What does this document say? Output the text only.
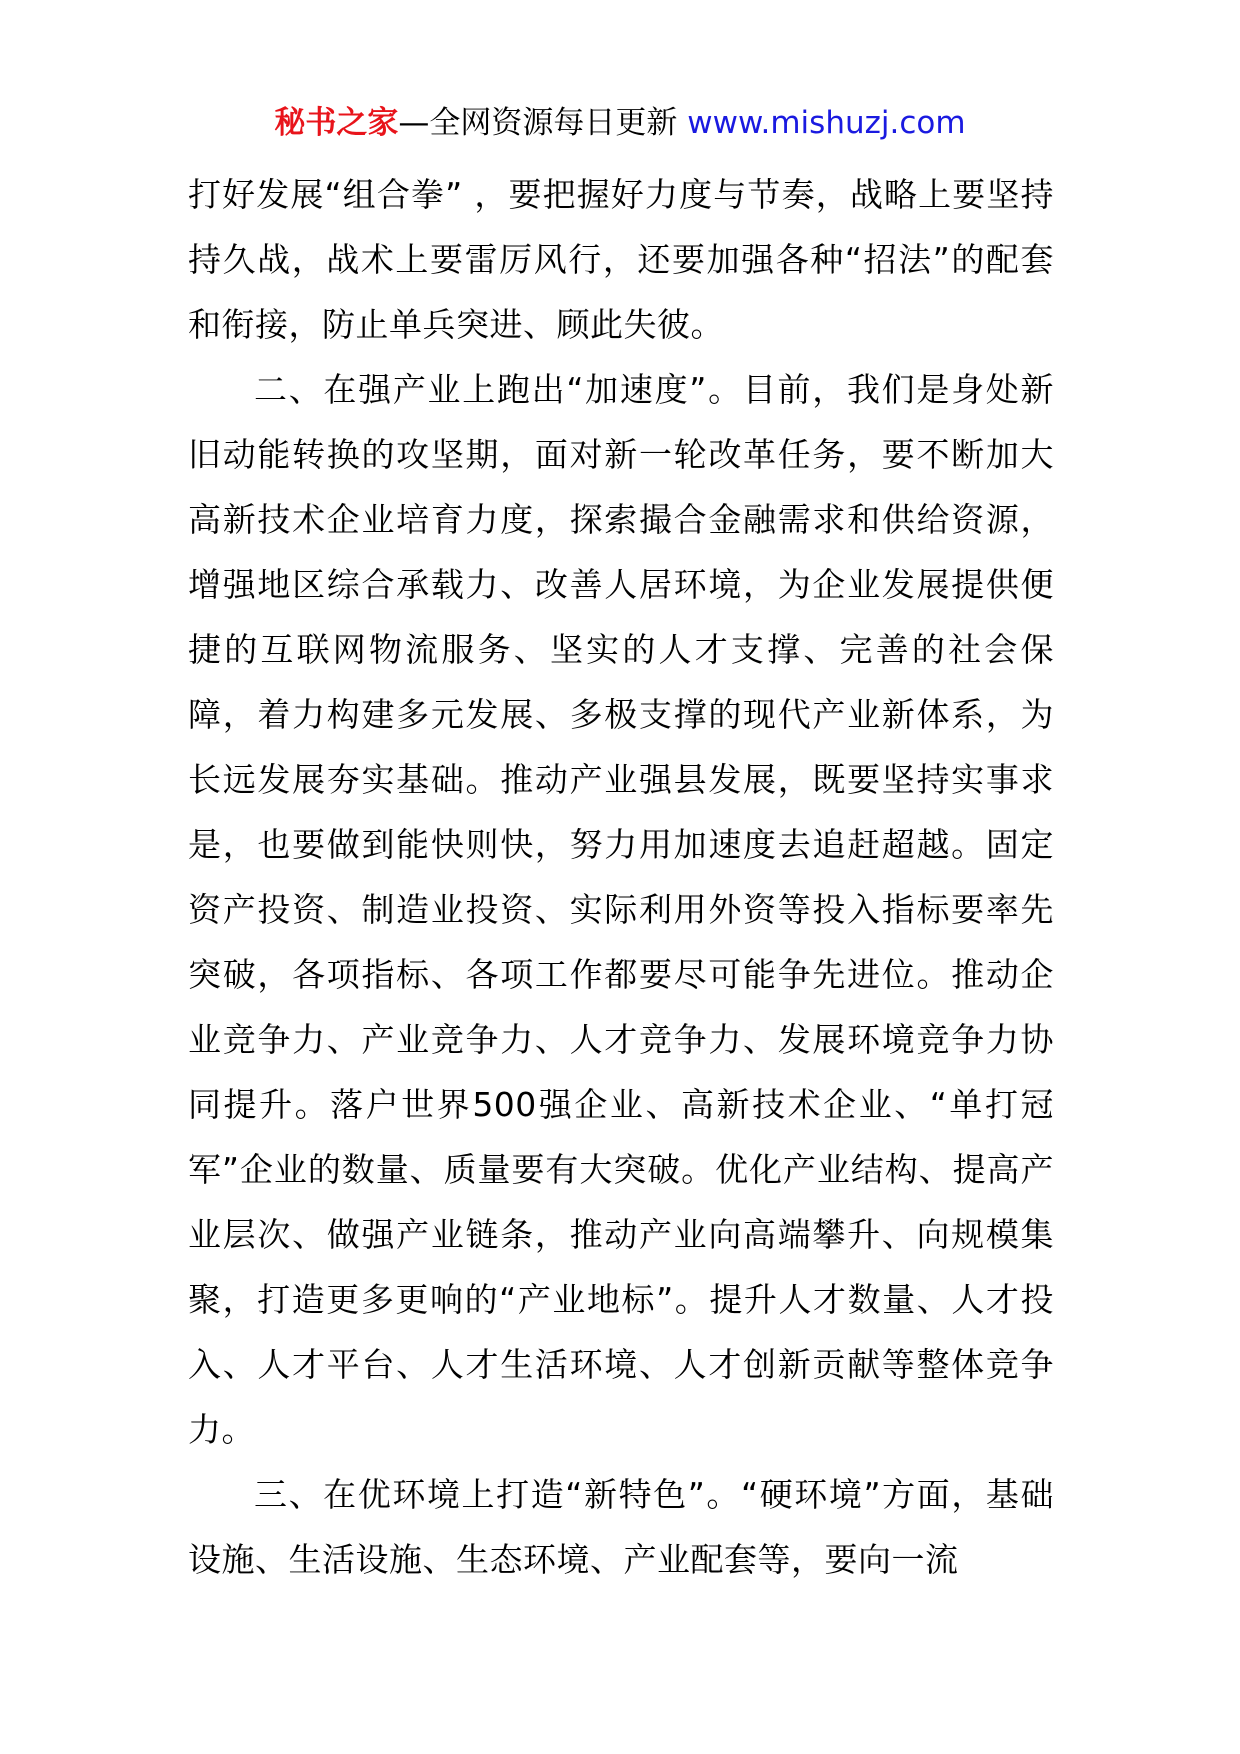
秘书之家—全网资源每日更新 www.mishuzj.com

打好发展“组合拳” ，要把握好力度与节奏，战略上要坚持持久战，战术上要雷厉风行，还要加强各种“招法”的配套和衔接，防止单兵突进、顾此失彼。

二、在强产业上跑出“加速度”。目前，我们是身处新旧动能转换的攻坚期，面对新一轮改革任务，要不断加大高新技术企业培育力度，探索撮合金融需求和供给资源，增强地区综合承载力、改善人居环境，为企业发展提供便捷的互联网物流服务、坚实的人才支撑、完善的社会保障，着力构建多元发展、多极支撑的现代产业新体系，为长远发展夯实基础。推动产业强县发展，既要坚持实事求是，也要做到能快则快，努力用加速度去追赶超越。固定资产投资、制造业投资、实际利用外资等投入指标要率先突破，各项指标、各项工作都要尽可能争先进位。推动企业竞争力、产业竞争力、人才竞争力、发展环境竞争力协同提升。落户世界500强企业、高新技术企业、“单打冠军”企业的数量、质量要有大突破。优化产业结构、提高产业层次、做强产业链条，推动产业向高端攀升、向规模集聚，打造更多更响的“产业地标”。提升人才数量、人才投入、人才平台、人才生活环境、人才创新贡献等整体竞争力。

三、在优环境上打造“新特色”。“硬环境”方面，基础设施、生活设施、生态环境、产业配套等，要向一流
